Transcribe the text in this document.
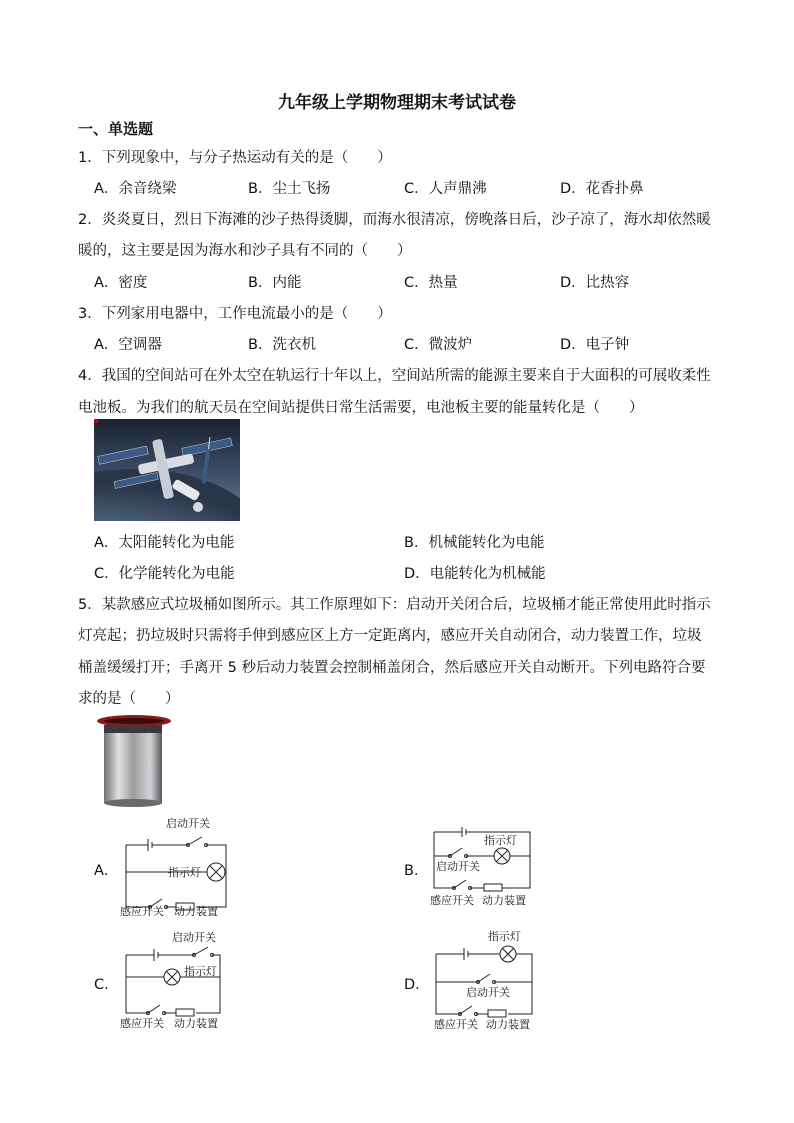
九年级上学期物理期末考试试卷
一、单选题
1．下列现象中，与分子热运动有关的是（　　）
A．余音绕梁	B．尘土飞扬	C．人声鼎沸	D．花香扑鼻
2．炎炎夏日，烈日下海滩的沙子热得烫脚，而海水很清凉，傍晚落日后，沙子凉了，海水却依然暖
暖的，这主要是因为海水和沙子具有不同的（　　）
A．密度	B．内能	C．热量	D．比热容
3．下列家用电器中，工作电流最小的是（　　）
A．空调器	B．洗衣机	C．微波炉	D．电子钟
4．我国的空间站可在外太空在轨运行十年以上，空间站所需的能源主要来自于大面积的可展收柔性
电池板。为我们的航天员在空间站提供日常生活需要，电池板主要的能量转化是（　　）
A．太阳能转化为电能	B．机械能转化为电能
C．化学能转化为电能	D．电能转化为机械能
5．某款感应式垃圾桶如图所示。其工作原理如下：启动开关闭合后，垃圾桶才能正常使用此时指示
灯亮起；扔垃圾时只需将手伸到感应区上方一定距离内，感应开关自动闭合，动力装置工作，垃圾
桶盖缓缓打开；手离开 5 秒后动力装置会控制桶盖闭合，然后感应开关自动断开。下列电路符合要
求的是（　　）
A．
启动开关
指示灯
感应开关 动力装置
B．
指示灯
启动开关
感应开关 动力装置
C．
启动开关
指示灯
感应开关 动力装置
D．
指示灯
启动开关
感应开关 动力装置
